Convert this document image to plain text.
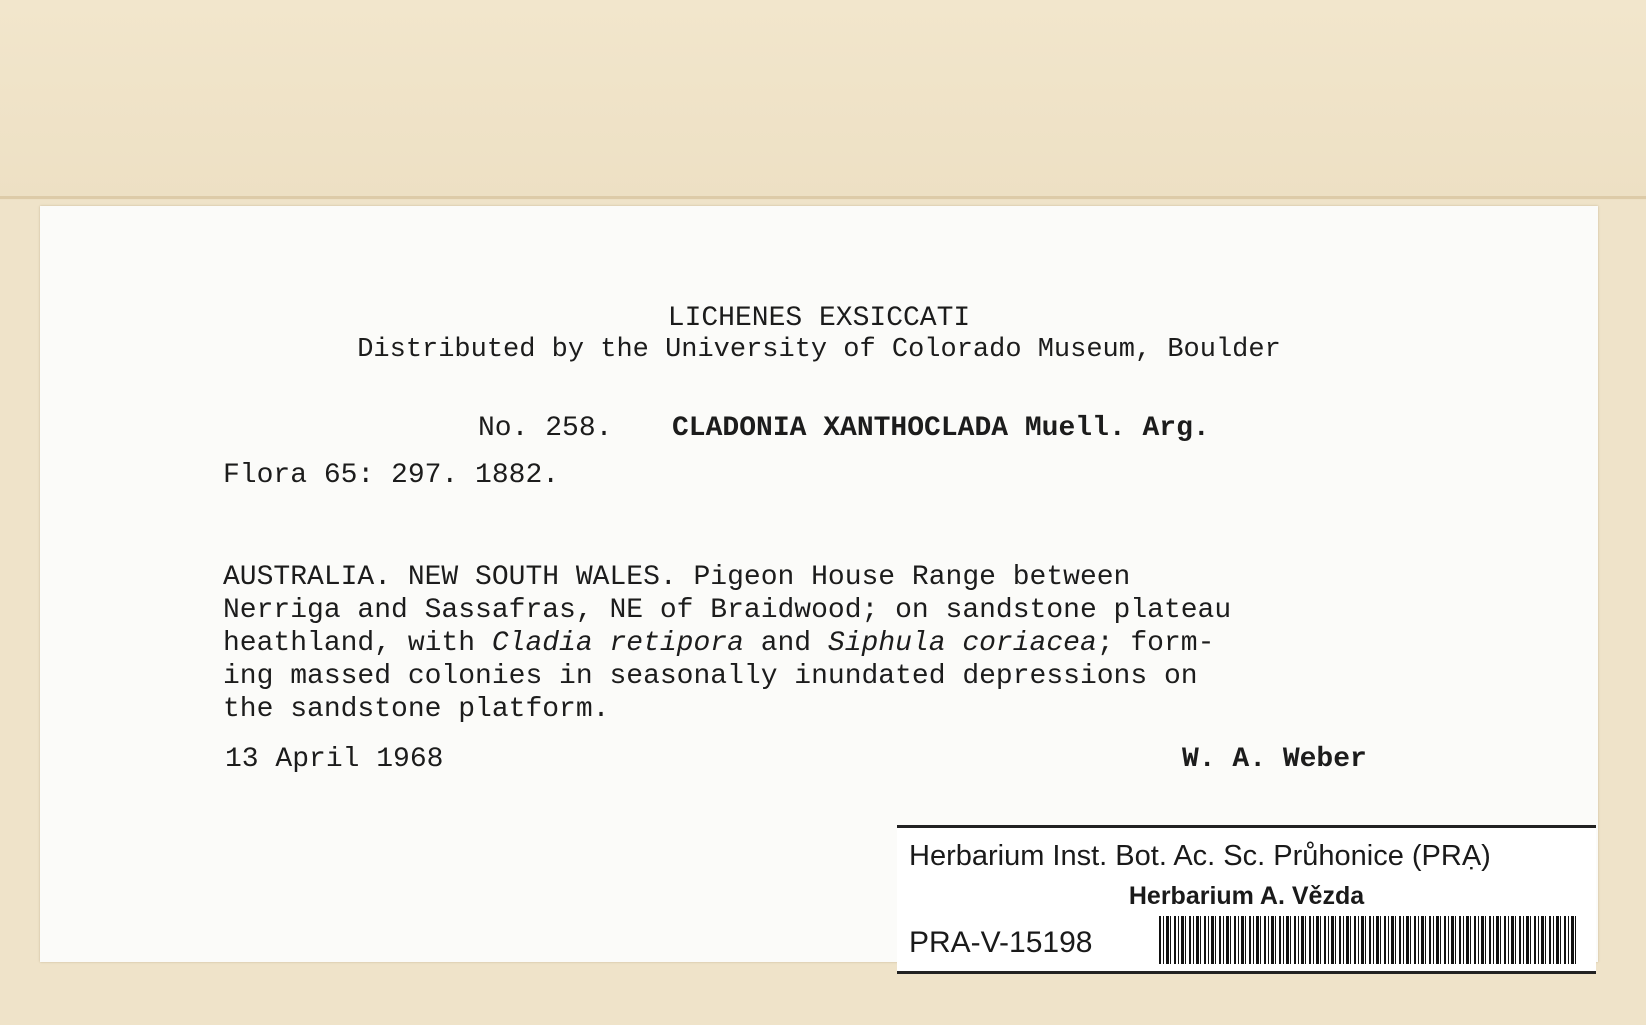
LICHENES EXSICCATI
Distributed by the University of Colorado Museum, Boulder
No. 258. CLADONIA XANTHOCLADA Muell. Arg.
Flora 65: 297. 1882.
AUSTRALIA. NEW SOUTH WALES. Pigeon House Range between
Nerriga and Sassafras, NE of Braidwood; on sandstone plateau
heathland, with Cladia retipora and Siphula coriacea; form-
ing massed colonies in seasonally inundated depressions on
the sandstone platform.
13 April 1968	W. A. Weber
Herbarium Inst. Bot. Ac. Sc. Průhonice (PRẠ)
Herbarium A. Vězda
PRA-V-15198
